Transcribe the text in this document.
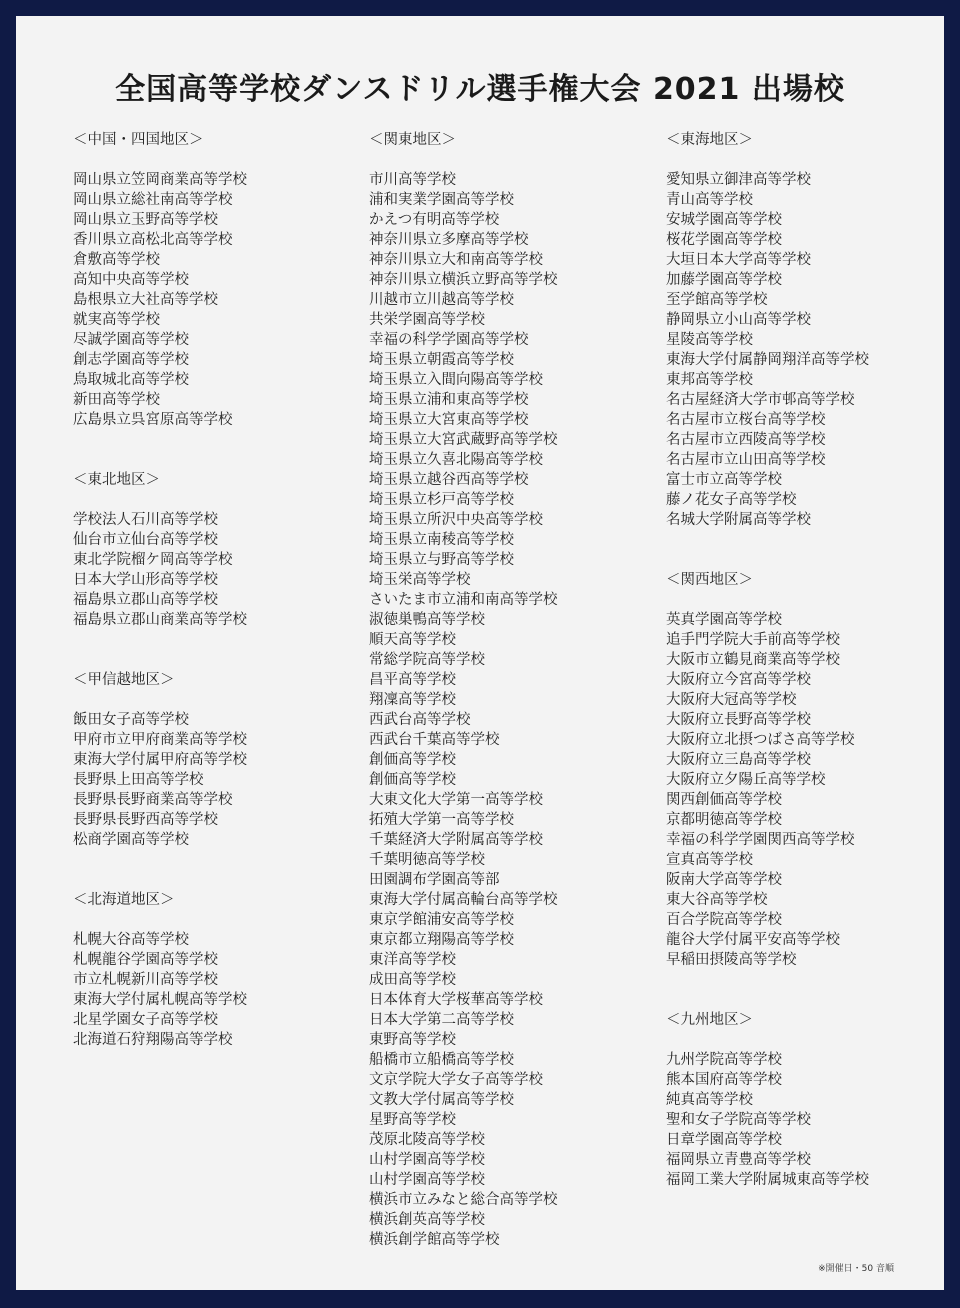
全国高等学校ダンスドリル選手権大会 2021 出場校
＜中国・四国地区＞
岡山県立笠岡商業高等学校
岡山県立総社南高等学校
岡山県立玉野高等学校
香川県立高松北高等学校
倉敷高等学校
高知中央高等学校
島根県立大社高等学校
就実高等学校
尽誠学園高等学校
創志学園高等学校
鳥取城北高等学校
新田高等学校
広島県立呉宮原高等学校
＜東北地区＞
学校法人石川高等学校
仙台市立仙台高等学校
東北学院榴ケ岡高等学校
日本大学山形高等学校
福島県立郡山高等学校
福島県立郡山商業高等学校
＜甲信越地区＞
飯田女子高等学校
甲府市立甲府商業高等学校
東海大学付属甲府高等学校
長野県上田高等学校
長野県長野商業高等学校
長野県長野西高等学校
松商学園高等学校
＜北海道地区＞
札幌大谷高等学校
札幌龍谷学園高等学校
市立札幌新川高等学校
東海大学付属札幌高等学校
北星学園女子高等学校
北海道石狩翔陽高等学校
＜関東地区＞
市川高等学校
浦和実業学園高等学校
かえつ有明高等学校
神奈川県立多摩高等学校
神奈川県立大和南高等学校
神奈川県立横浜立野高等学校
川越市立川越高等学校
共栄学園高等学校
幸福の科学学園高等学校
埼玉県立朝霞高等学校
埼玉県立入間向陽高等学校
埼玉県立浦和東高等学校
埼玉県立大宮東高等学校
埼玉県立大宮武蔵野高等学校
埼玉県立久喜北陽高等学校
埼玉県立越谷西高等学校
埼玉県立杉戸高等学校
埼玉県立所沢中央高等学校
埼玉県立南稜高等学校
埼玉県立与野高等学校
埼玉栄高等学校
さいたま市立浦和南高等学校
淑徳巣鴨高等学校
順天高等学校
常総学院高等学校
昌平高等学校
翔凜高等学校
西武台高等学校
西武台千葉高等学校
創価高等学校
創価高等学校
大東文化大学第一高等学校
拓殖大学第一高等学校
千葉経済大学附属高等学校
千葉明徳高等学校
田園調布学園高等部
東海大学付属高輪台高等学校
東京学館浦安高等学校
東京都立翔陽高等学校
東洋高等学校
成田高等学校
日本体育大学桜華高等学校
日本大学第二高等学校
東野高等学校
船橋市立船橋高等学校
文京学院大学女子高等学校
文教大学付属高等学校
星野高等学校
茂原北陵高等学校
山村学園高等学校
山村学園高等学校
横浜市立みなと総合高等学校
横浜創英高等学校
横浜創学館高等学校
＜東海地区＞
愛知県立御津高等学校
青山高等学校
安城学園高等学校
桜花学園高等学校
大垣日本大学高等学校
加藤学園高等学校
至学館高等学校
静岡県立小山高等学校
星陵高等学校
東海大学付属静岡翔洋高等学校
東邦高等学校
名古屋経済大学市邨高等学校
名古屋市立桜台高等学校
名古屋市立西陵高等学校
名古屋市立山田高等学校
富士市立高等学校
藤ノ花女子高等学校
名城大学附属高等学校
＜関西地区＞
英真学園高等学校
追手門学院大手前高等学校
大阪市立鶴見商業高等学校
大阪府立今宮高等学校
大阪府大冠高等学校
大阪府立長野高等学校
大阪府立北摂つばさ高等学校
大阪府立三島高等学校
大阪府立夕陽丘高等学校
関西創価高等学校
京都明徳高等学校
幸福の科学学園関西高等学校
宣真高等学校
阪南大学高等学校
東大谷高等学校
百合学院高等学校
龍谷大学付属平安高等学校
早稲田摂陵高等学校
＜九州地区＞
九州学院高等学校
熊本国府高等学校
純真高等学校
聖和女子学院高等学校
日章学園高等学校
福岡県立青豊高等学校
福岡工業大学附属城東高等学校
※開催日・50 音順
